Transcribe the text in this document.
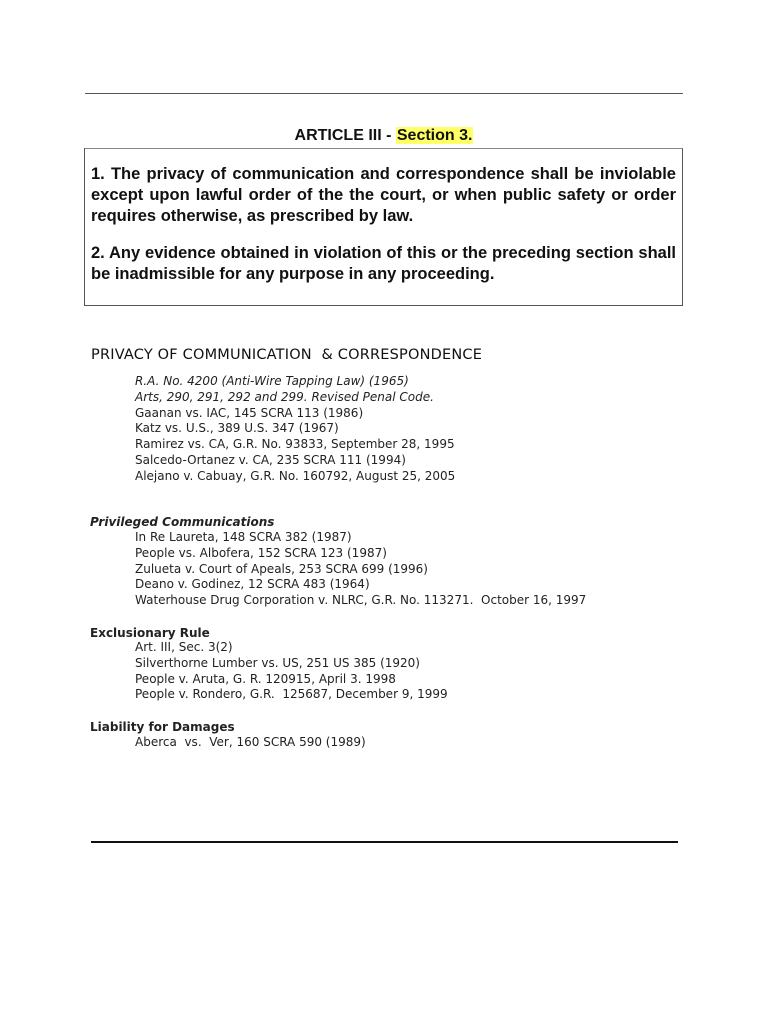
ARTICLE III - Section 3.
1. The privacy of communication and correspondence shall be inviolable except upon lawful order of the the court, or when public safety or order requires otherwise, as prescribed by law.
2. Any evidence obtained in violation of this or the preceding section shall be inadmissible for any purpose in any proceeding.
PRIVACY OF COMMUNICATION  & CORRESPONDENCE
R.A. No. 4200 (Anti-Wire Tapping Law) (1965)
Arts, 290, 291, 292 and 299. Revised Penal Code.
Gaanan vs. IAC, 145 SCRA 113 (1986)
Katz vs. U.S., 389 U.S. 347 (1967)
Ramirez vs. CA, G.R. No. 93833, September 28, 1995
Salcedo-Ortanez v. CA, 235 SCRA 111 (1994)
Alejano v. Cabuay, G.R. No. 160792, August 25, 2005
Privileged Communications
In Re Laureta, 148 SCRA 382 (1987)
People vs. Albofera, 152 SCRA 123 (1987)
Zulueta v. Court of Apeals, 253 SCRA 699 (1996)
Deano v. Godinez, 12 SCRA 483 (1964)
Waterhouse Drug Corporation v. NLRC, G.R. No. 113271.  October 16, 1997
Exclusionary Rule
Art. III, Sec. 3(2)
Silverthorne Lumber vs. US, 251 US 385 (1920)
People v. Aruta, G. R. 120915, April 3. 1998
People v. Rondero, G.R.  125687, December 9, 1999
Liability for Damages
Aberca  vs.  Ver, 160 SCRA 590 (1989)
